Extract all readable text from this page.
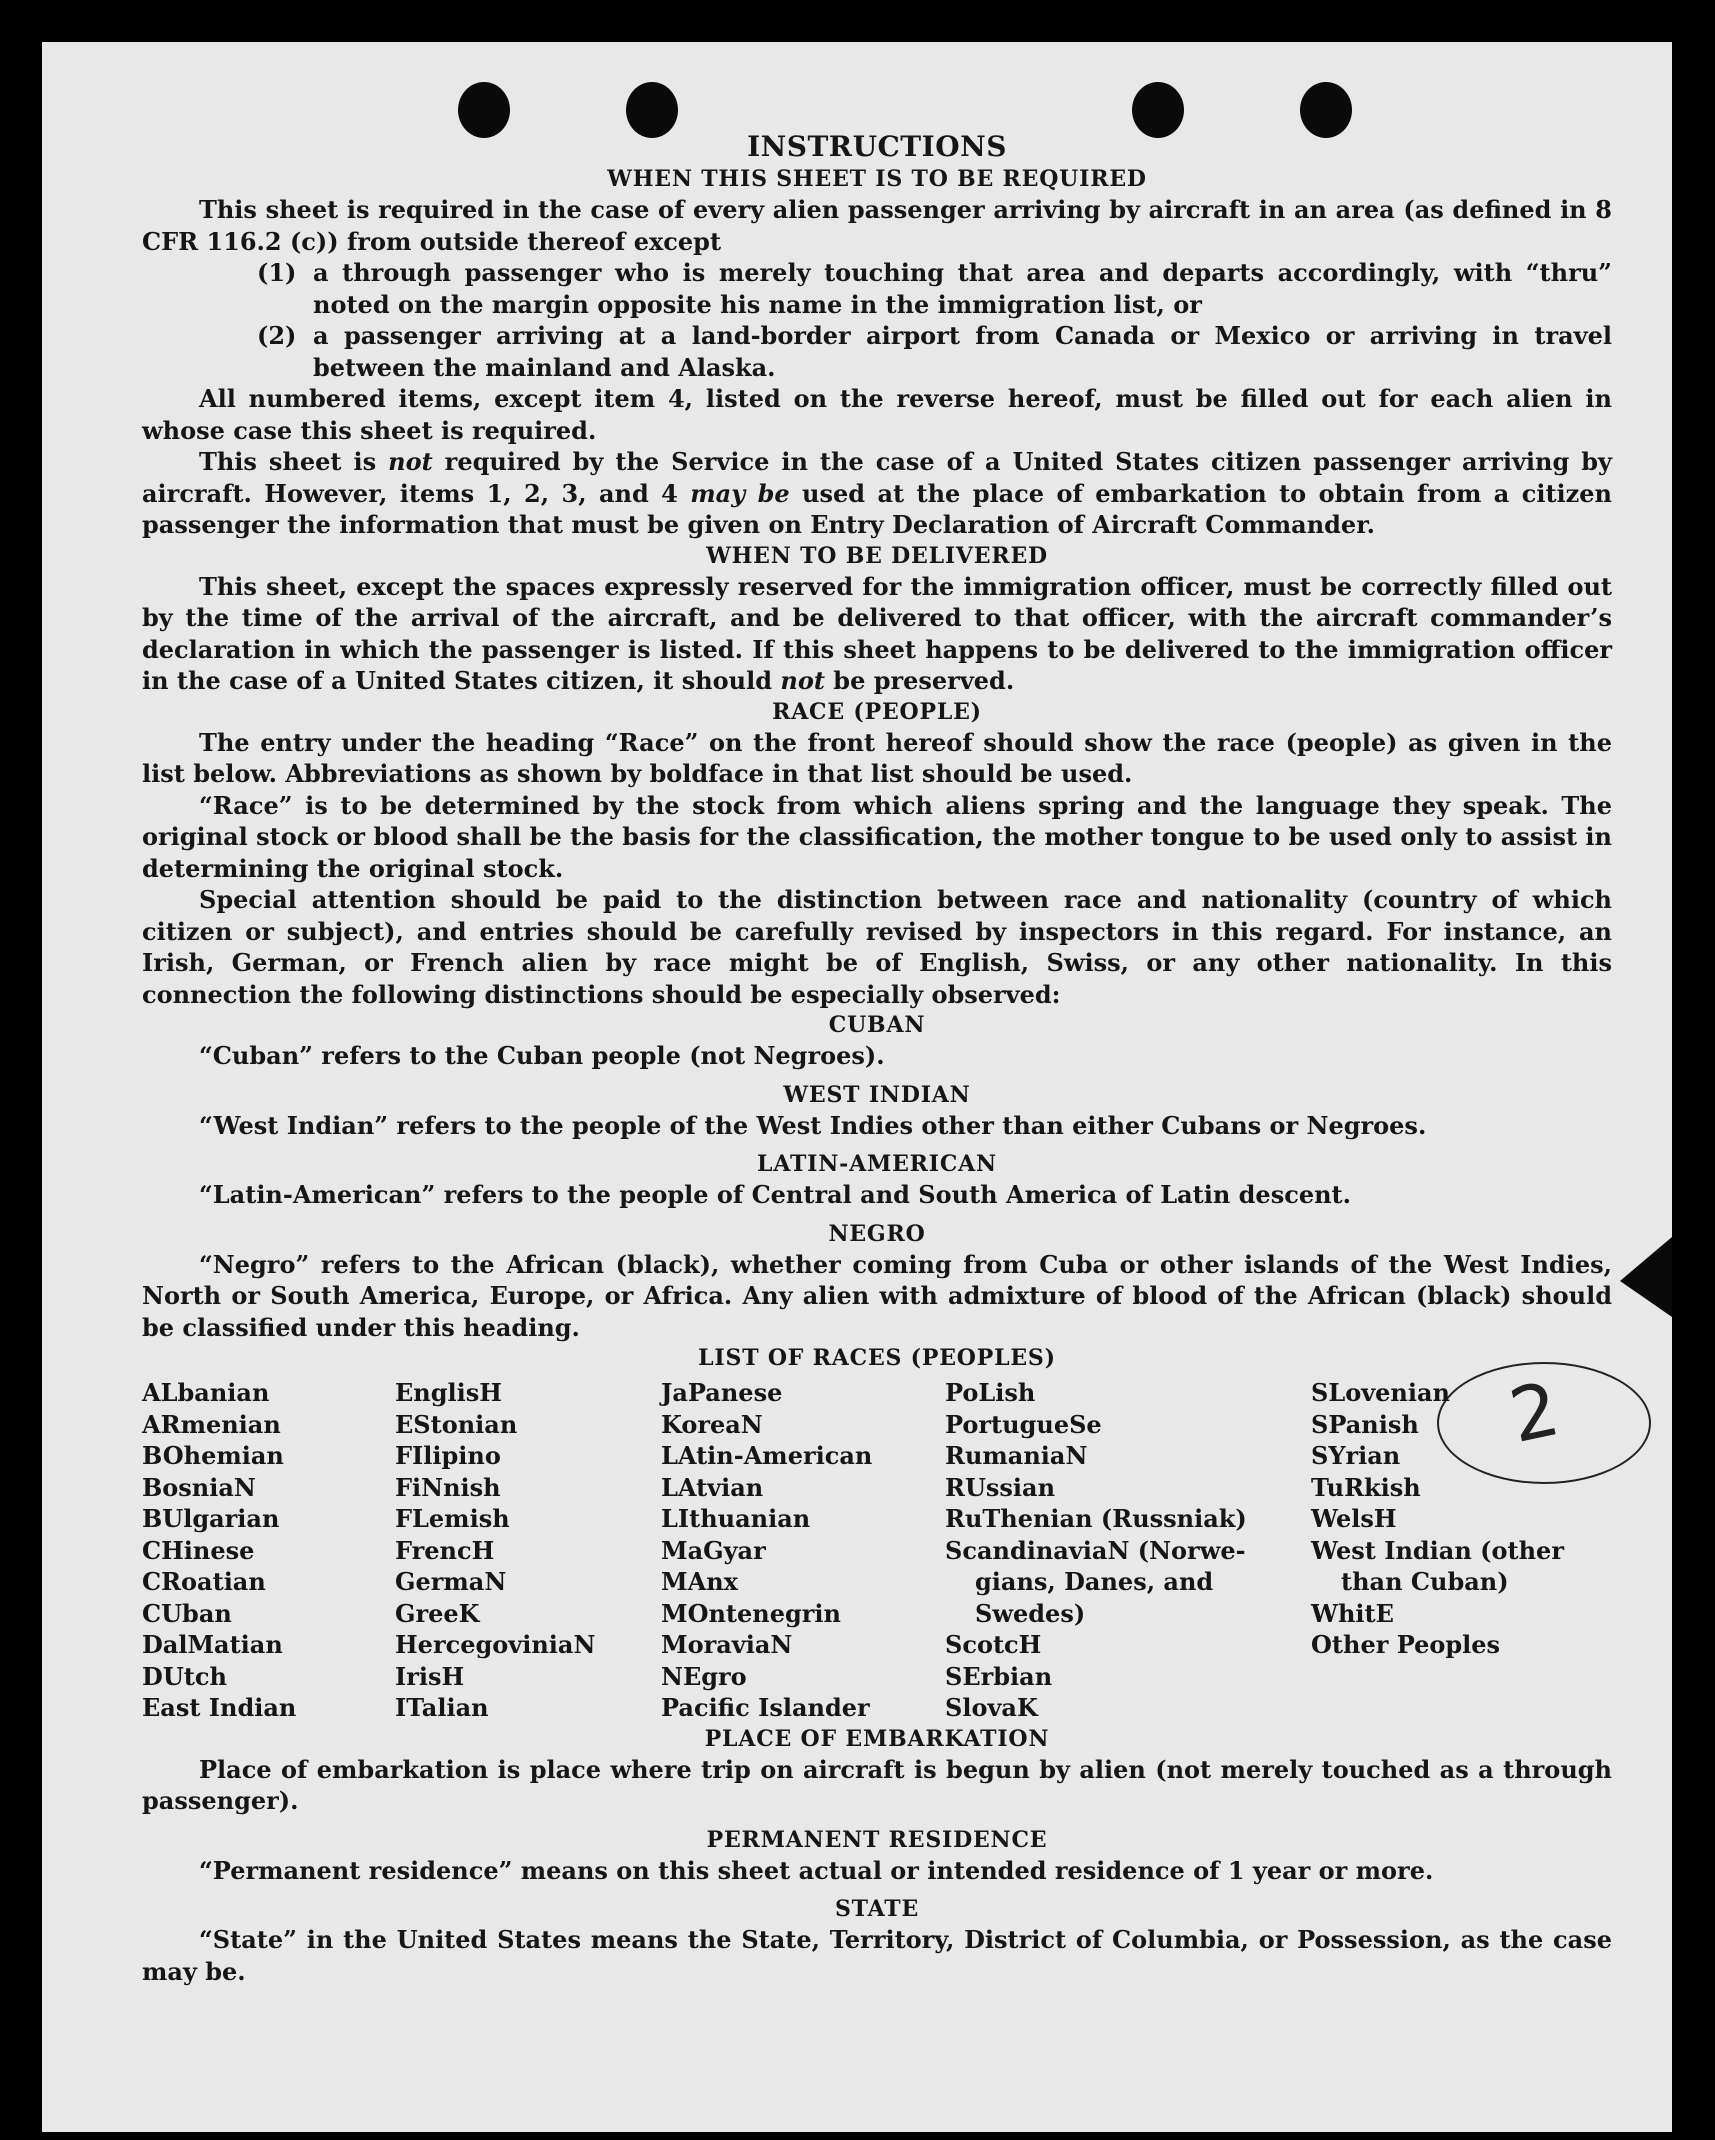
2
INSTRUCTIONS
WHEN THIS SHEET IS TO BE REQUIRED

This sheet is required in the case of every alien passenger arriving by aircraft in an area (as defined in 8 CFR 116.2 (c)) from outside thereof except

(1) a through passenger who is merely touching that area and departs accordingly, with “thru” noted on the margin opposite his name in the immigration list, or
(2) a passenger arriving at a land-border airport from Canada or Mexico or arriving in travel between the mainland and Alaska.

All numbered items, except item 4, listed on the reverse hereof, must be filled out for each alien in whose case this sheet is required.

This sheet is not required by the Service in the case of a United States citizen passenger arriving by aircraft. However, items 1, 2, 3, and 4 may be used at the place of embarkation to obtain from a citizen passenger the information that must be given on Entry Declaration of Aircraft Commander.

WHEN TO BE DELIVERED

This sheet, except the spaces expressly reserved for the immigration officer, must be correctly filled out by the time of the arrival of the aircraft, and be delivered to that officer, with the aircraft commander’s declaration in which the passenger is listed. If this sheet happens to be delivered to the immigration officer in the case of a United States citizen, it should not be preserved.

RACE (PEOPLE)

The entry under the heading “Race” on the front hereof should show the race (people) as given in the list below. Abbreviations as shown by boldface in that list should be used.

“Race” is to be determined by the stock from which aliens spring and the language they speak. The original stock or blood shall be the basis for the classification, the mother tongue to be used only to assist in determining the original stock.

Special attention should be paid to the distinction between race and nationality (country of which citizen or subject), and entries should be carefully revised by inspectors in this regard. For instance, an Irish, German, or French alien by race might be of English, Swiss, or any other nationality. In this connection the following distinctions should be especially observed:

CUBAN

“Cuban” refers to the Cuban people (not Negroes).

WEST INDIAN

“West Indian” refers to the people of the West Indies other than either Cubans or Negroes.

LATIN-AMERICAN

“Latin-American” refers to the people of Central and South America of Latin descent.

NEGRO

“Negro” refers to the African (black), whether coming from Cuba or other islands of the West Indies, North or South America, Europe, or Africa. Any alien with admixture of blood of the African (black) should be classified under this heading.

LIST OF RACES (PEOPLES)
ALbanian
ARmenian
BOhemian
BosniaN
BUlgarian
CHinese
CRoatian
CUban
DalMatian
DUtch
East Indian
EnglisH
EStonian
FIlipino
FiNnish
FLemish
FrencH
GermaN
GreeK
HercegoviniaN
IrisH
ITalian
JaPanese
KoreaN
LAtin-American
LAtvian
LIthuanian
MaGyar
MAnx
MOntenegrin
MoraviaN
NEgro
Pacific Islander
PoLish
PortugueSe
RumaniaN
RUssian
RuThenian (Russniak)
ScandinaviaN (Norwe-
gians, Danes, and
Swedes)
ScotcH
SErbian
SlovaK
SLovenian
SPanish
SYrian
TuRkish
WelsH
West Indian (other
than Cuban)
WhitE
Other Peoples
PLACE OF EMBARKATION

Place of embarkation is place where trip on aircraft is begun by alien (not merely touched as a through passenger).

PERMANENT RESIDENCE

“Permanent residence” means on this sheet actual or intended residence of 1 year or more.

STATE

“State” in the United States means the State, Territory, District of Columbia, or Possession, as the case may be.
